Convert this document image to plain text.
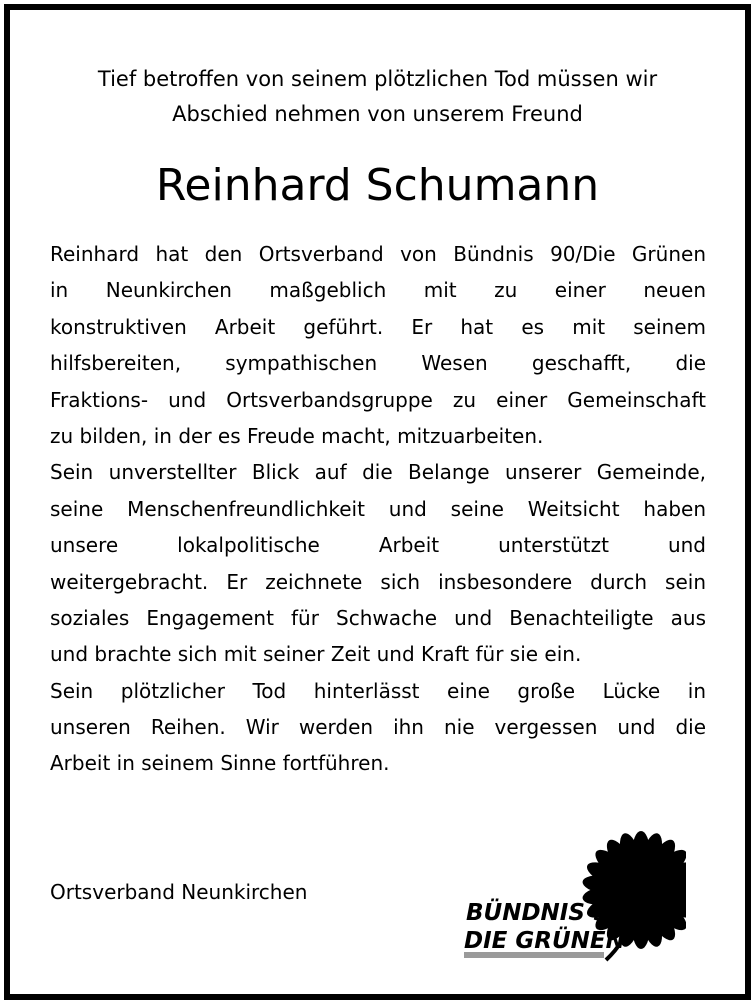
Tief betroffen von seinem plötzlichen Tod müssen wir
Abschied nehmen von unserem Freund
Reinhard Schumann
Reinhard hat den Ortsverband von Bündnis 90/Die Grünen
in Neunkirchen maßgeblich mit zu einer neuen
konstruktiven Arbeit geführt. Er hat es mit seinem
hilfsbereiten, sympathischen Wesen geschafft, die
Fraktions- und Ortsverbandsgruppe zu einer Gemeinschaft
zu bilden, in der es Freude macht, mitzuarbeiten.
Sein unverstellter Blick auf die Belange unserer Gemeinde,
seine Menschenfreundlichkeit und seine Weitsicht haben
unsere lokalpolitische Arbeit unterstützt und
weitergebracht. Er zeichnete sich insbesondere durch sein
soziales Engagement für Schwache und Benachteiligte aus
und brachte sich mit seiner Zeit und Kraft für sie ein.
Sein plötzlicher Tod hinterlässt eine große Lücke in
unseren Reihen. Wir werden ihn nie vergessen und die
Arbeit in seinem Sinne fortführen.
Ortsverband Neunkirchen
BÜNDNIS 90
DIE GRÜNEN
